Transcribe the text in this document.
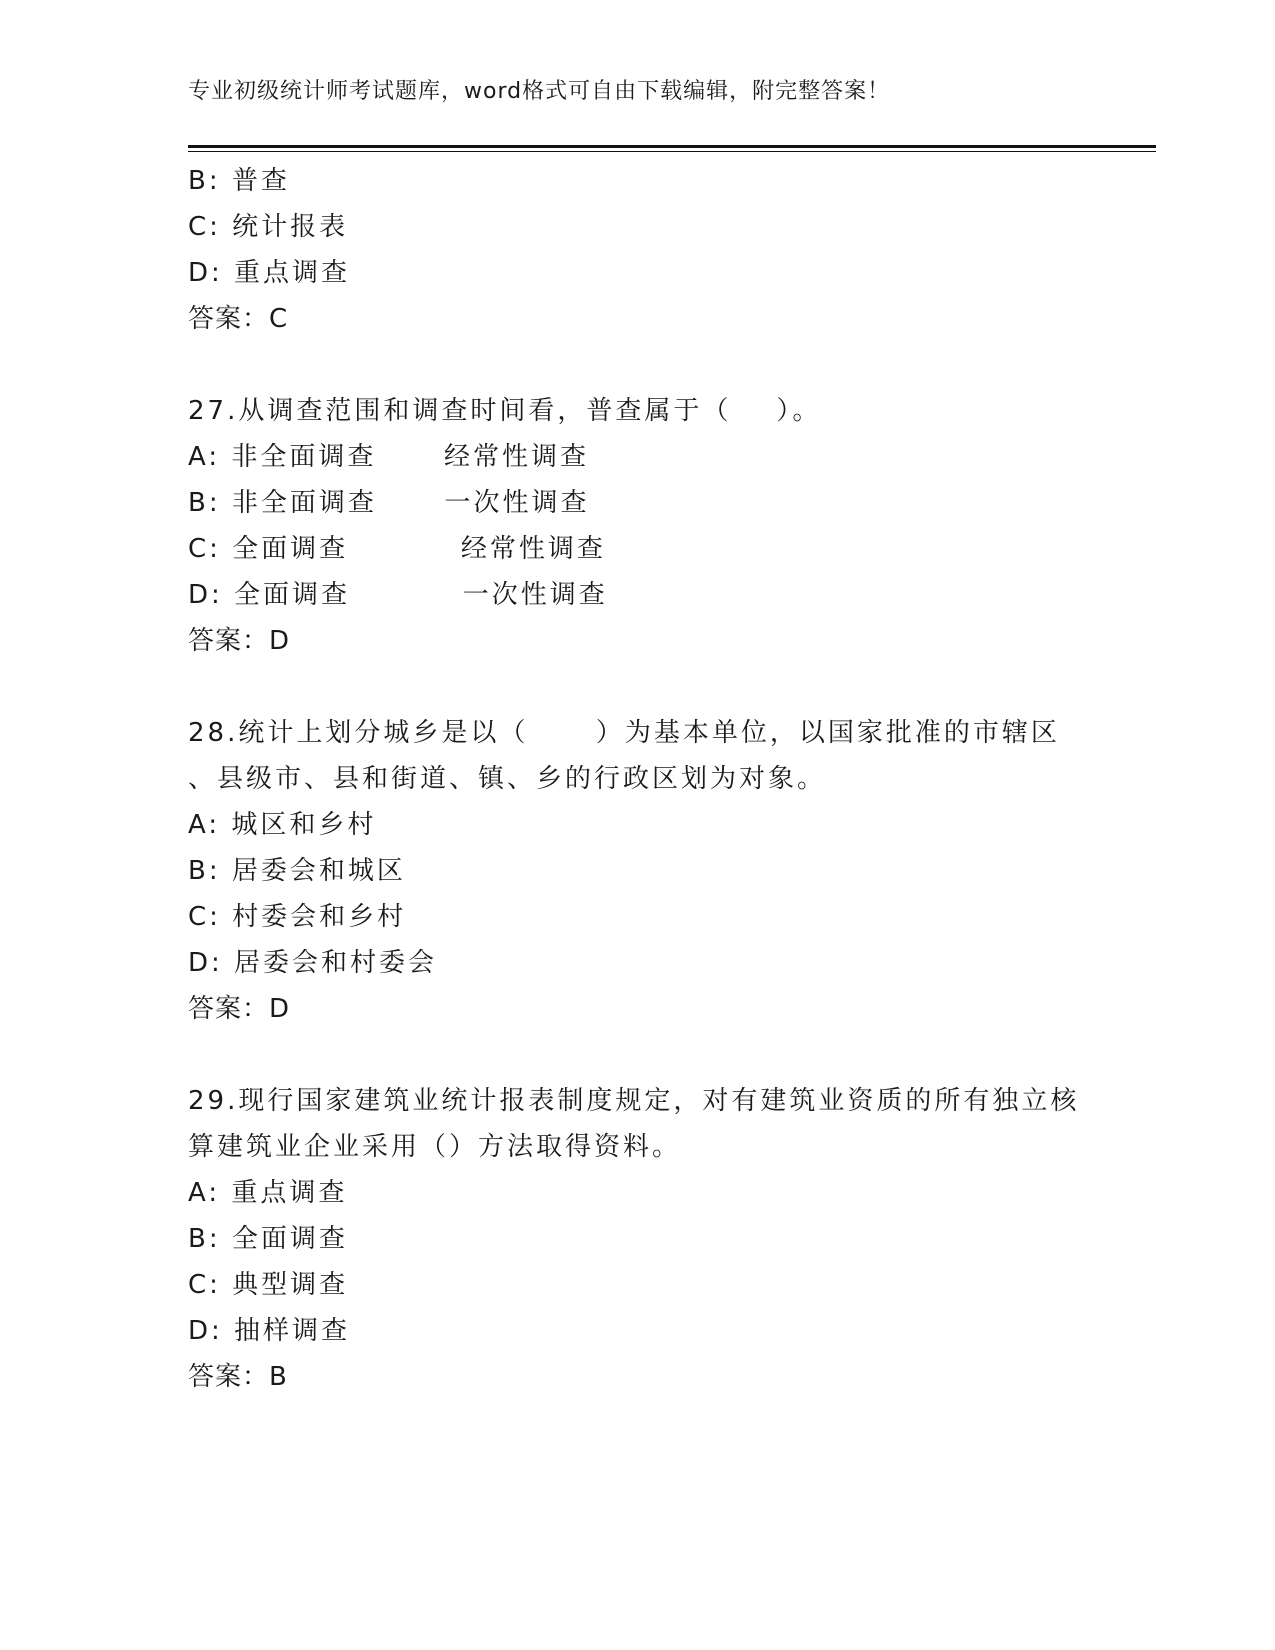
专业初级统计师考试题库，word格式可自由下载编辑，附完整答案！
B: 普查
C: 统计报表
D: 重点调查
答案：C
27.从调查范围和调查时间看，普查属于（    ）。
A: 非全面调查      经常性调查
B: 非全面调查      一次性调查
C: 全面调查          经常性调查
D: 全面调查          一次性调查
答案：D
28.统计上划分城乡是以（      ）为基本单位，以国家批准的市辖区
、县级市、县和街道、镇、乡的行政区划为对象。
A: 城区和乡村
B: 居委会和城区
C: 村委会和乡村
D: 居委会和村委会
答案：D
29.现行国家建筑业统计报表制度规定，对有建筑业资质的所有独立核
算建筑业企业采用（）方法取得资料。
A: 重点调查
B: 全面调查
C: 典型调查
D: 抽样调查
答案：B
